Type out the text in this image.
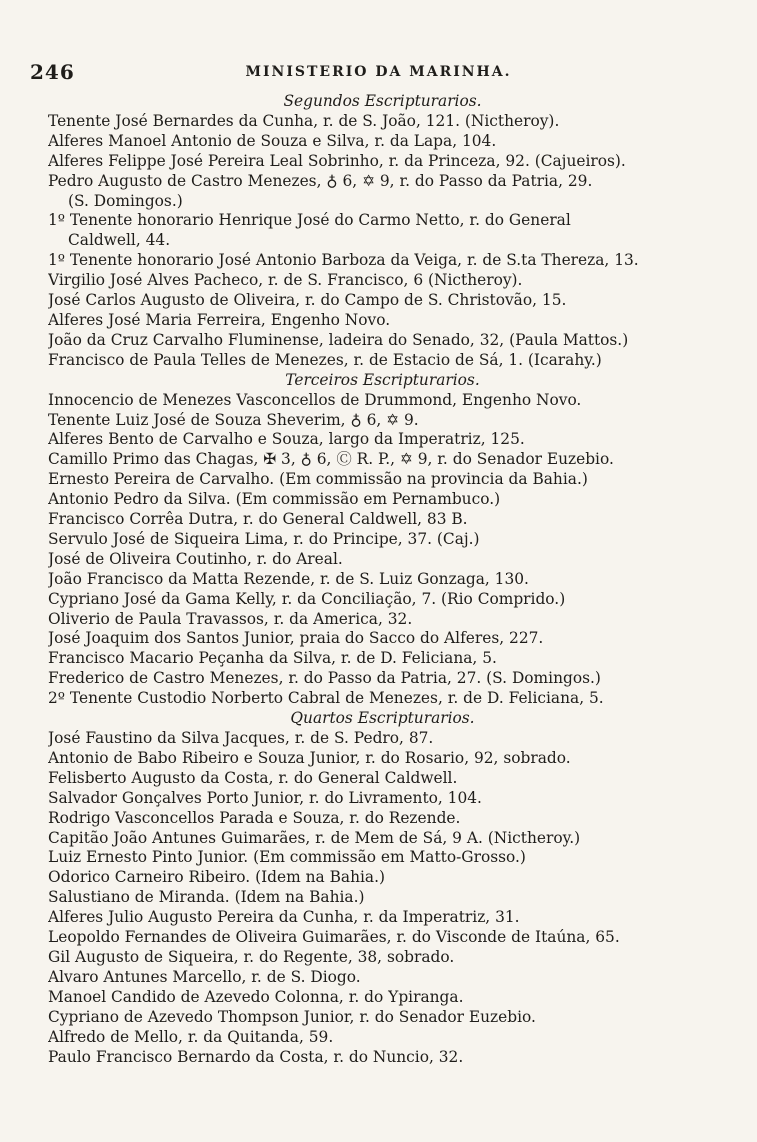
246	MINISTERIO DA MARINHA.
Segundos Escripturarios.
Tenente José Bernardes da Cunha, r. de S. João, 121. (Nictheroy).
Alferes Manoel Antonio de Souza e Silva, r. da Lapa, 104.
Alferes Felippe José Pereira Leal Sobrinho, r. da Princeza, 92. (Cajueiros).
Pedro Augusto de Castro Menezes, ♁ 6, ✡ 9, r. do Passo da Patria, 29.
(S. Domingos.)
1º Tenente honorario Henrique José do Carmo Netto, r. do General
Caldwell, 44.
1º Tenente honorario José Antonio Barboza da Veiga, r. de S.ta Thereza, 13.
Virgilio José Alves Pacheco, r. de S. Francisco, 6 (Nictheroy).
José Carlos Augusto de Oliveira, r. do Campo de S. Christovão, 15.
Alferes José Maria Ferreira, Engenho Novo.
João da Cruz Carvalho Fluminense, ladeira do Senado, 32, (Paula Mattos.)
Francisco de Paula Telles de Menezes, r. de Estacio de Sá, 1. (Icarahy.)
Terceiros Escripturarios.
Innocencio de Menezes Vasconcellos de Drummond, Engenho Novo.
Tenente Luiz José de Souza Sheverim, ♁ 6, ✡ 9.
Alferes Bento de Carvalho e Souza, largo da Imperatriz, 125.
Camillo Primo das Chagas, ✠ 3, ♁ 6, Ⓒ R. P., ✡ 9, r. do Senador Euzebio.
Ernesto Pereira de Carvalho. (Em commissão na provincia da Bahia.)
Antonio Pedro da Silva. (Em commissão em Pernambuco.)
Francisco Corrêa Dutra, r. do General Caldwell, 83 B.
Servulo José de Siqueira Lima, r. do Principe, 37. (Caj.)
José de Oliveira Coutinho, r. do Areal.
João Francisco da Matta Rezende, r. de S. Luiz Gonzaga, 130.
Cypriano José da Gama Kelly, r. da Conciliação, 7. (Rio Comprido.)
Oliverio de Paula Travassos, r. da America, 32.
José Joaquim dos Santos Junior, praia do Sacco do Alferes, 227.
Francisco Macario Peçanha da Silva, r. de D. Feliciana, 5.
Frederico de Castro Menezes, r. do Passo da Patria, 27. (S. Domingos.)
2º Tenente Custodio Norberto Cabral de Menezes, r. de D. Feliciana, 5.
Quartos Escripturarios.
José Faustino da Silva Jacques, r. de S. Pedro, 87.
Antonio de Babo Ribeiro e Souza Junior, r. do Rosario, 92, sobrado.
Felisberto Augusto da Costa, r. do General Caldwell.
Salvador Gonçalves Porto Junior, r. do Livramento, 104.
Rodrigo Vasconcellos Parada e Souza, r. do Rezende.
Capitão João Antunes Guimarães, r. de Mem de Sá, 9 A. (Nictheroy.)
Luiz Ernesto Pinto Junior. (Em commissão em Matto-Grosso.)
Odorico Carneiro Ribeiro. (Idem na Bahia.)
Salustiano de Miranda. (Idem na Bahia.)
Alferes Julio Augusto Pereira da Cunha, r. da Imperatriz, 31.
Leopoldo Fernandes de Oliveira Guimarães, r. do Visconde de Itaúna, 65.
Gil Augusto de Siqueira, r. do Regente, 38, sobrado.
Alvaro Antunes Marcello, r. de S. Diogo.
Manoel Candido de Azevedo Colonna, r. do Ypiranga.
Cypriano de Azevedo Thompson Junior, r. do Senador Euzebio.
Alfredo de Mello, r. da Quitanda, 59.
Paulo Francisco Bernardo da Costa, r. do Nuncio, 32.
